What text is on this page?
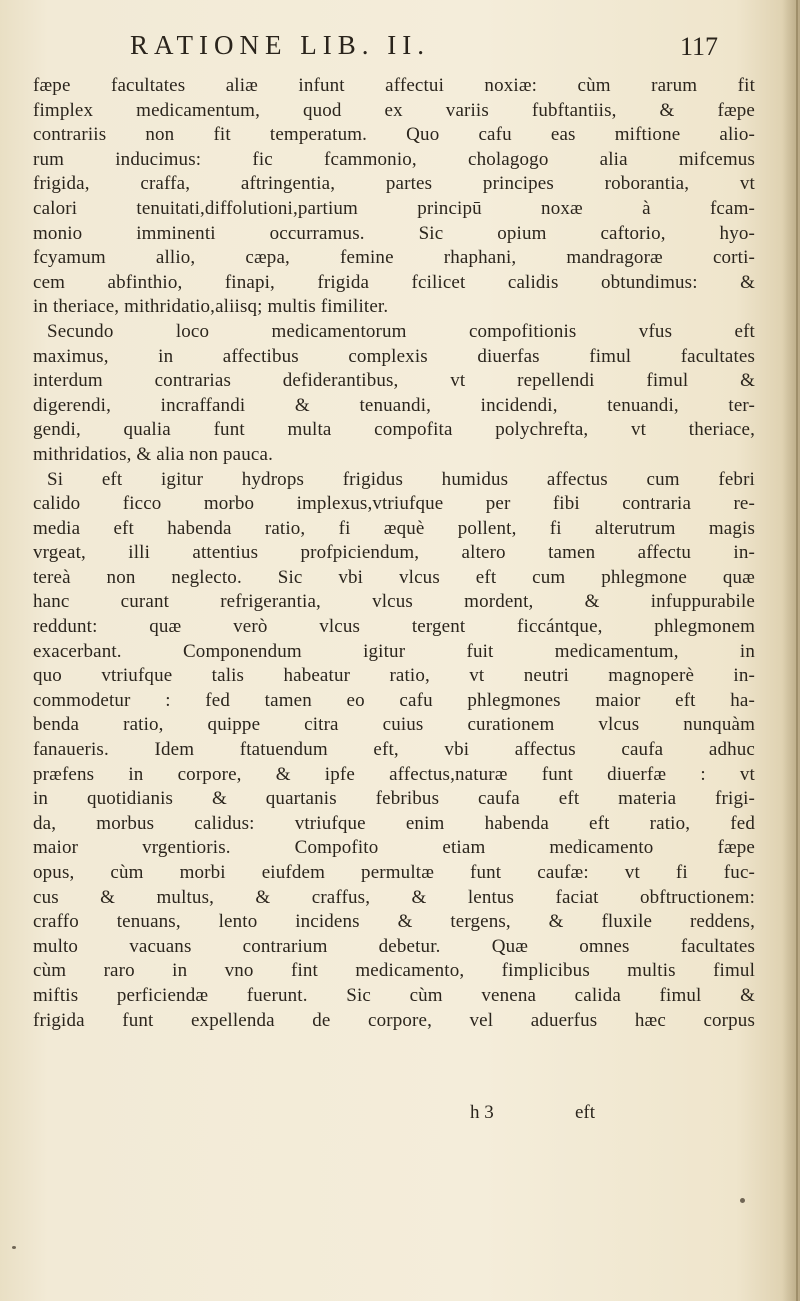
RATIONE LIB. II.	117
fæpe facultates aliæ infunt affectui noxiæ: cùm rarum fit
fimplex medicamentum, quod ex variis fubftantiis, & fæpe
contrariis non fit temperatum. Quo cafu eas miftione alio-
rum inducimus: fic fcammonio, cholagogo alia mifcemus
frigida, craffa, aftringentia, partes principes roborantia, vt
calori tenuitati,diffolutioni,partium principū noxæ à fcam-
monio imminenti occurramus. Sic opium caftorio, hyo-
fcyamum allio, cæpa, femine rhaphani, mandragoræ corti-
cem abfinthio, finapi, frigida fcilicet calidis obtundimus: &
in theriace, mithridatio,aliisq; multis fimiliter.
Secundo loco medicamentorum compofitionis vfus eft
maximus, in affectibus complexis diuerfas fimul facultates
interdum contrarias defiderantibus, vt repellendi fimul &
digerendi, incraffandi & tenuandi, incidendi, tenuandi, ter-
gendi, qualia funt multa compofita polychrefta, vt theriace,
mithridatios, & alia non pauca.
Si eft igitur hydrops frigidus humidus affectus cum febri
calido ficco morbo implexus,vtriufque per fibi contraria re-
media eft habenda ratio, fi æquè pollent, fi alterutrum magis
vrgeat, illi attentius profpiciendum, altero tamen affectu in-
tereà non neglecto. Sic vbi vlcus eft cum phlegmone quæ
hanc curant refrigerantia, vlcus mordent, & infuppurabile
reddunt: quæ verò vlcus tergent ficcántque, phlegmonem
exacerbant. Componendum igitur fuit medicamentum, in
quo vtriufque talis habeatur ratio, vt neutri magnoperè in-
commodetur : fed tamen eo cafu phlegmones maior eft ha-
benda ratio, quippe citra cuius curationem vlcus nunquàm
fanaueris. Idem ftatuendum eft, vbi affectus caufa adhuc
præfens in corpore, & ipfe affectus,naturæ funt diuerfæ : vt
in quotidianis & quartanis febribus caufa eft materia frigi-
da, morbus calidus: vtriufque enim habenda eft ratio, fed
maior vrgentioris. Compofito etiam medicamento fæpe
opus, cùm morbi eiufdem permultæ funt caufæ: vt fi fuc-
cus & multus, & craffus, & lentus faciat obftructionem:
craffo tenuans, lento incidens & tergens, & fluxile reddens,
multo vacuans contrarium debetur. Quæ omnes facultates
cùm raro in vno fint medicamento, fimplicibus multis fimul
miftis perficiendæ fuerunt. Sic cùm venena calida fimul &
frigida funt expellenda de corpore, vel aduerfus hæc corpus
h 3	eft
